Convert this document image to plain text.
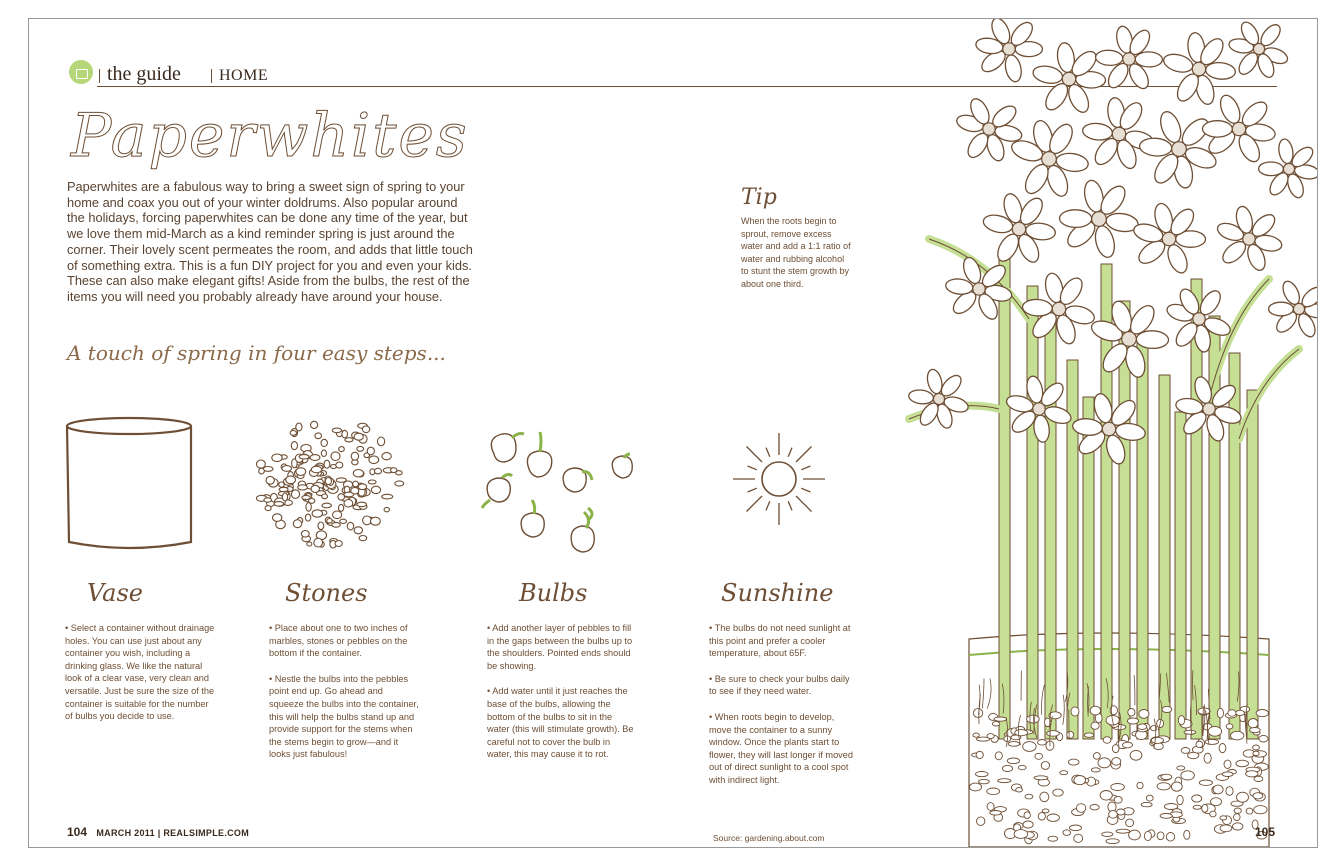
the guide HOME
Paperwhites

Paperwhites are a fabulous way to bring a sweet sign of spring to your home and coax you out of your winter doldrums. Also popular around the holidays, forcing paperwhites can be done any time of the year, but we love them mid-March as a kind reminder spring is just around the corner. Their lovely scent permeates the room, and adds that little touch of something extra. This is a fun DIY project for you and even your kids. These can also make elegant gifts! Aside from the bulbs, the rest of the items you will need you probably already have around your house.

A touch of spring in four easy steps...
Tip

When the roots begin to sprout, remove excess water and add a 1:1 ratio of water and rubbing alcohol to stunt the stem growth by about one third.

Vase

• Select a container without drainage holes. You can use just about any container you wish, including a drinking glass. We like the natural look of a clear vase, very clean and versatile. Just be sure the size of the container is suitable for the number of bulbs you decide to use.

Stones

• Place about one to two inches of marbles, stones or pebbles on the bottom if the container.

• Nestle the bulbs into the pebbles point end up. Go ahead and squeeze the bulbs into the container, this will help the bulbs stand up and provide support for the stems when the stems begin to grow—and it looks just fabulous!

Bulbs

• Add another layer of pebbles to fill in the gaps between the bulbs up to the shoulders. Pointed ends should be showing.

• Add water until it just reaches the base of the bulbs, allowing the bottom of the bulbs to sit in the water (this will stimulate growth). Be careful not to cover the bulb in water, this may cause it to rot.

Sunshine

• The bulbs do not need sunlight at this point and prefer a cooler temperature, about 65F.

• Be sure to check your bulbs daily to see if they need water.

• When roots begin to develop, move the container to a sunny window. Once the plants start to flower, they will last longer if moved out of direct sunlight to a cool spot with indirect light.

104 MARCH 2011 | REALSIMPLE.COM	Source: gardening.about.com	105
